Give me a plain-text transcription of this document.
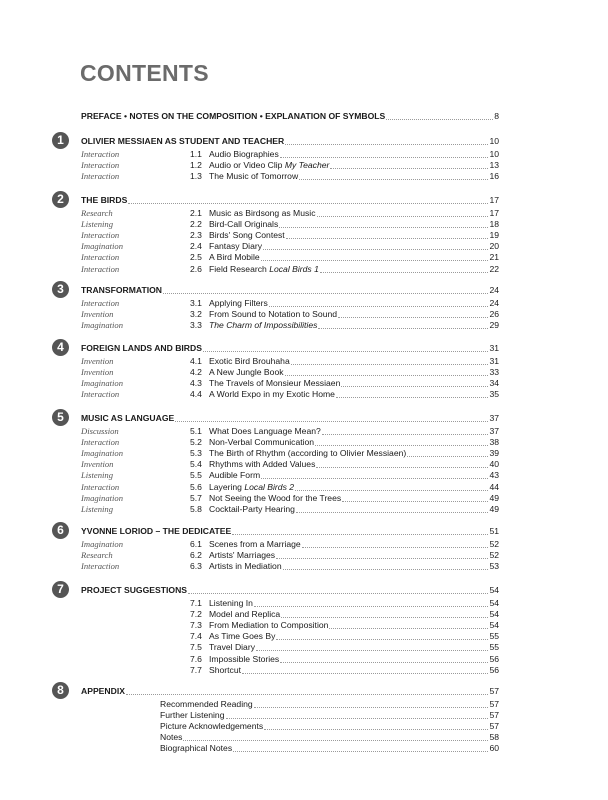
CONTENTS
PREFACE • NOTES ON THE COMPOSITION • EXPLANATION OF SYMBOLS	8
1	OLIVIER MESSIAEN AS STUDENT AND TEACHER	10
Interaction	1.1 Audio Biographies	10
Interaction	1.2 Audio or Video Clip My Teacher	13
Interaction	1.3 The Music of Tomorrow	16
2	THE BIRDS	17
Research	2.1 Music as Birdsong as Music	17
Listening	2.2 Bird-Call Originals	18
Interaction	2.3 Birds' Song Contest	19
Imagination	2.4 Fantasy Diary	20
Interaction	2.5 A Bird Mobile	21
Interaction	2.6 Field Research Local Birds 1	22
3	TRANSFORMATION	24
Interaction	3.1 Applying Filters	24
Invention	3.2 From Sound to Notation to Sound	26
Imagination	3.3 The Charm of Impossibilities	29
4	FOREIGN LANDS AND BIRDS	31
Invention	4.1 Exotic Bird Brouhaha	31
Invention	4.2 A New Jungle Book	33
Imagination	4.3 The Travels of Monsieur Messiaen	34
Interaction	4.4 A World Expo in my Exotic Home	35
5	MUSIC AS LANGUAGE	37
Discussion	5.1 What Does Language Mean?	37
Interaction	5.2 Non-Verbal Communication	38
Imagination	5.3 The Birth of Rhythm (according to Olivier Messiaen)	39
Invention	5.4 Rhythms with Added Values	40
Listening	5.5 Audible Form	43
Interaction	5.6 Layering Local Birds 2	44
Imagination	5.7 Not Seeing the Wood for the Trees	49
Listening	5.8 Cocktail-Party Hearing	49
6	YVONNE LORIOD – THE DEDICATEE	51
Imagination	6.1 Scenes from a Marriage	52
Research	6.2 Artists' Marriages	52
Interaction	6.3 Artists in Mediation	53
7	PROJECT SUGGESTIONS	54
7.1 Listening In	54
7.2 Model and Replica	54
7.3 From Mediation to Composition	54
7.4 As Time Goes By	55
7.5 Travel Diary	55
7.6 Impossible Stories	56
7.7 Shortcut	56
8	APPENDIX	57
Recommended Reading	57
Further Listening	57
Picture Acknowledgements	57
Notes	58
Biographical Notes	60
